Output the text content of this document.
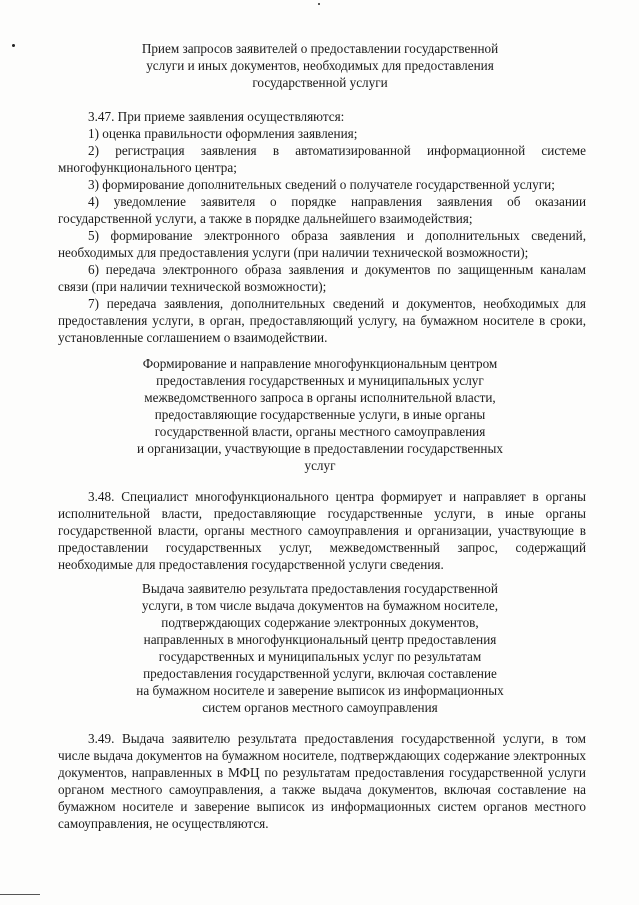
Прием запросов заявителей о предоставлении государственной
услуги и иных документов, необходимых для предоставления
государственной услуги

3.47. При приеме заявления осуществляются:

1) оценка правильности оформления заявления;

2) регистрация заявления в автоматизированной информационной системе многофункционального центра;

3) формирование дополнительных сведений о получателе государственной услуги;

4) уведомление заявителя о порядке направления заявления об оказании государственной услуги, а также в порядке дальнейшего взаимодействия;

5) формирование электронного образа заявления и дополнительных сведений, необходимых для предоставления услуги (при наличии технической возможности);

6) передача электронного образа заявления и документов по защищенным каналам связи (при наличии технической возможности);

7) передача заявления, дополнительных сведений и документов, необходимых для предоставления услуги, в орган, предоставляющий услугу, на бумажном носителе в сроки, установленные соглашением о взаимодействии.

Формирование и направление многофункциональным центром
предоставления государственных и муниципальных услуг
межведомственного запроса в органы исполнительной власти,
предоставляющие государственные услуги, в иные органы
государственной власти, органы местного самоуправления
и организации, участвующие в предоставлении государственных
услуг

3.48. Специалист многофункционального центра формирует и направляет в органы исполнительной власти, предоставляющие государственные услуги, в иные органы государственной власти, органы местного самоуправления и организации, участвующие в предоставлении государственных услуг, межведомственный запрос, содержащий необходимые для предоставления государственной услуги сведения.

Выдача заявителю результата предоставления государственной
услуги, в том числе выдача документов на бумажном носителе,
подтверждающих содержание электронных документов,
направленных в многофункциональный центр предоставления
государственных и муниципальных услуг по результатам
предоставления государственной услуги, включая составление
на бумажном носителе и заверение выписок из информационных
систем органов местного самоуправления

3.49. Выдача заявителю результата предоставления государственной услуги, в том числе выдача документов на бумажном носителе, подтверждающих содержание электронных документов, направленных в МФЦ по результатам предоставления государственной услуги органом местного самоуправления, а также выдача документов, включая составление на бумажном носителе и заверение выписок из информационных систем органов местного самоуправления, не осуществляются.
